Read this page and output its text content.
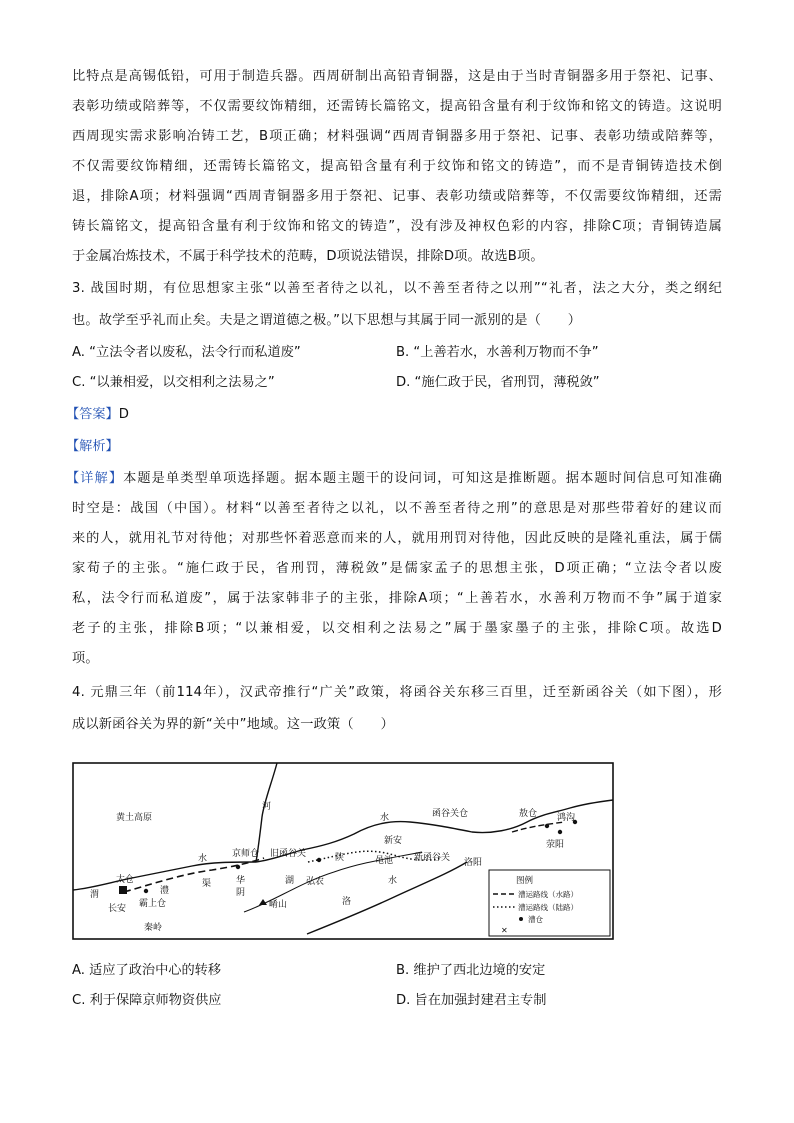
比特点是高锡低铅，可用于制造兵器。西周研制出高铅青铜器，这是由于当时青铜器多用于祭祀、记事、
表彰功绩或陪葬等，不仅需要纹饰精细，还需铸长篇铭文，提高铅含量有利于纹饰和铭文的铸造。这说明
西周现实需求影响冶铸工艺，B项正确；材料强调“西周青铜器多用于祭祀、记事、表彰功绩或陪葬等，
不仅需要纹饰精细，还需铸长篇铭文，提高铅含量有利于纹饰和铭文的铸造”，而不是青铜铸造技术倒
退，排除A项；材料强调“西周青铜器多用于祭祀、记事、表彰功绩或陪葬等，不仅需要纹饰精细，还需
铸长篇铭文，提高铅含量有利于纹饰和铭文的铸造”，没有涉及神权色彩的内容，排除C项；青铜铸造属
于金属冶炼技术，不属于科学技术的范畴，D项说法错误，排除D项。故选B项。
3. 战国时期，有位思想家主张“以善至者待之以礼，以不善至者待之以刑”“礼者，法之大分，类之纲纪
也。故学至乎礼而止矣。夫是之谓道德之极。”以下思想与其属于同一派别的是（　　）
A. “立法令者以废私，法令行而私道废”	B. “上善若水，水善利万物而不争”
C. “以兼相爱，以交相利之法易之”	D. “施仁政于民，省刑罚，薄税敛”
【答案】D
【解析】
【详解】本题是单类型单项选择题。据本题主题干的设问词，可知这是推断题。据本题时间信息可知准确
时空是：战国（中国）。材料“以善至者待之以礼，以不善至者待之刑”的意思是对那些带着好的建议而
来的人，就用礼节对待他；对那些怀着恶意而来的人，就用刑罚对待他，因此反映的是隆礼重法，属于儒
家荀子的主张。“施仁政于民，省刑罚，薄税敛”是儒家孟子的思想主张，D项正确；“立法令者以废
私，法令行而私道废”，属于法家韩非子的主张，排除A项；“上善若水，水善利万物而不争”属于道家
老子的主张，排除B项；“以兼相爱，以交相利之法易之”属于墨家墨子的主张，排除C项。故选D
项。
4. 元鼎三年（前114年），汉武帝推行“广关”政策，将函谷关东移三百里，迁至新函谷关（如下图），形
成以新函谷关为界的新“关中”地域。这一政策（　　）
黄土高原
河
水	函谷关仓	敖仓 鸿沟
荥阳
京师仓 旧函谷关	陕
新安
黾池 新函谷关 洛阳
水
太仓
渭
长安
澧
霸上仓
渠	华
阴
湖 弘农
崤山
水
洛
秦岭
图例
漕运路线（水路）
漕运路线（陆路）
漕仓
✕
A. 适应了政治中心的转移	B. 维护了西北边境的安定
C. 利于保障京师物资供应	D. 旨在加强封建君主专制
